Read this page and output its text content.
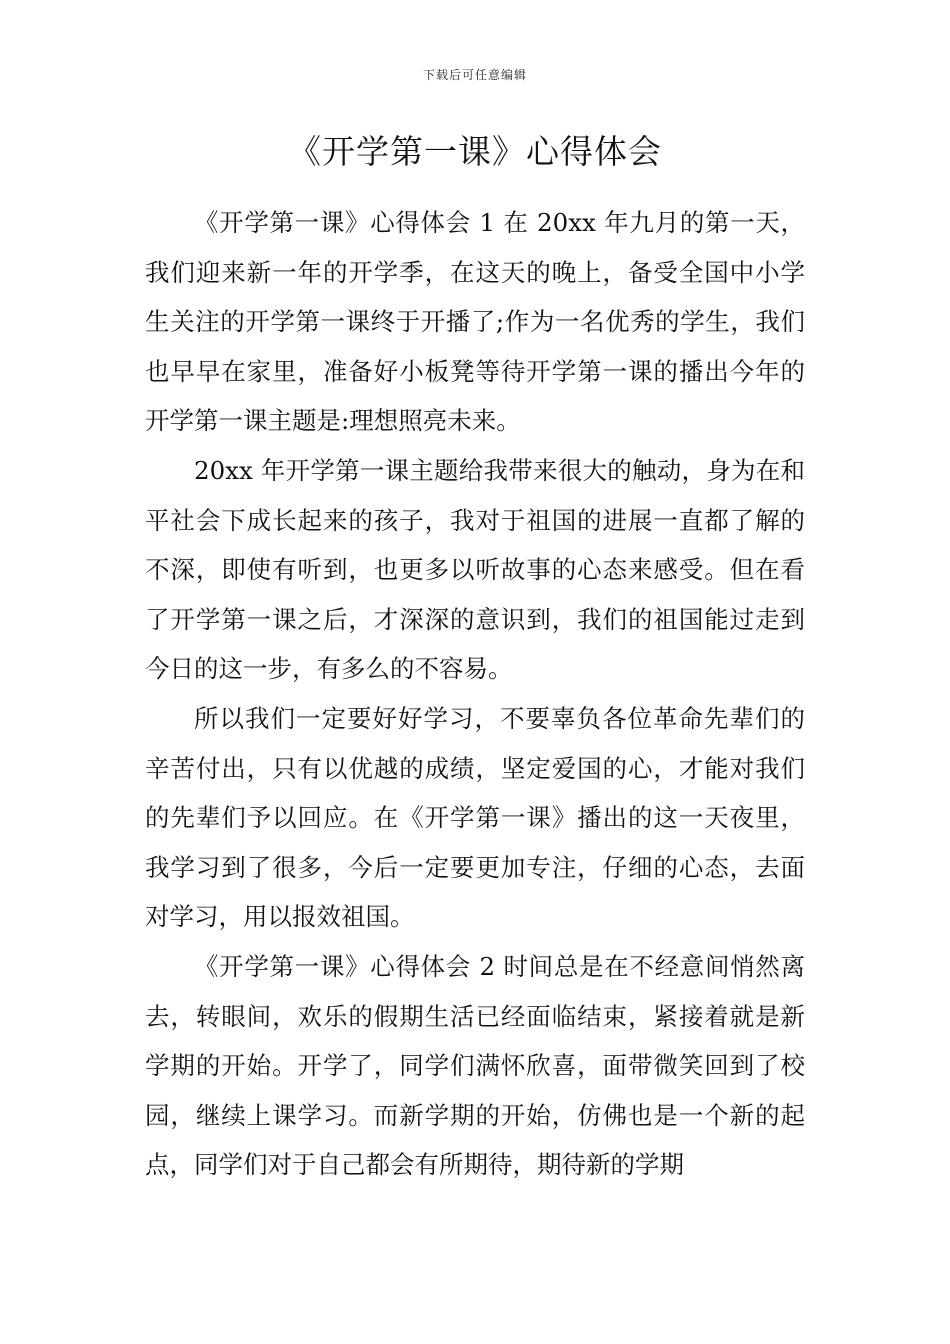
下载后可任意编辑
《开学第一课》心得体会

《开学第一课》心得体会 1 在 20xx 年九月的第一天，我们迎来新一年的开学季，在这天的晚上，备受全国中小学生关注的开学第一课终于开播了;作为一名优秀的学生，我们也早早在家里，准备好小板凳等待开学第一课的播出今年的开学第一课主题是:理想照亮未来。

20xx 年开学第一课主题给我带来很大的触动，身为在和平社会下成长起来的孩子，我对于祖国的进展一直都了解的不深，即使有听到，也更多以听故事的心态来感受。但在看了开学第一课之后，才深深的意识到，我们的祖国能过走到今日的这一步，有多么的不容易。

所以我们一定要好好学习，不要辜负各位革命先辈们的辛苦付出，只有以优越的成绩，坚定爱国的心，才能对我们的先辈们予以回应。在《开学第一课》播出的这一天夜里，我学习到了很多，今后一定要更加专注，仔细的心态，去面对学习，用以报效祖国。

《开学第一课》心得体会 2 时间总是在不经意间悄然离去，转眼间，欢乐的假期生活已经面临结束，紧接着就是新学期的开始。开学了，同学们满怀欣喜，面带微笑回到了校园，继续上课学习。而新学期的开始，仿佛也是一个新的起点，同学们对于自己都会有所期待，期待新的学期
